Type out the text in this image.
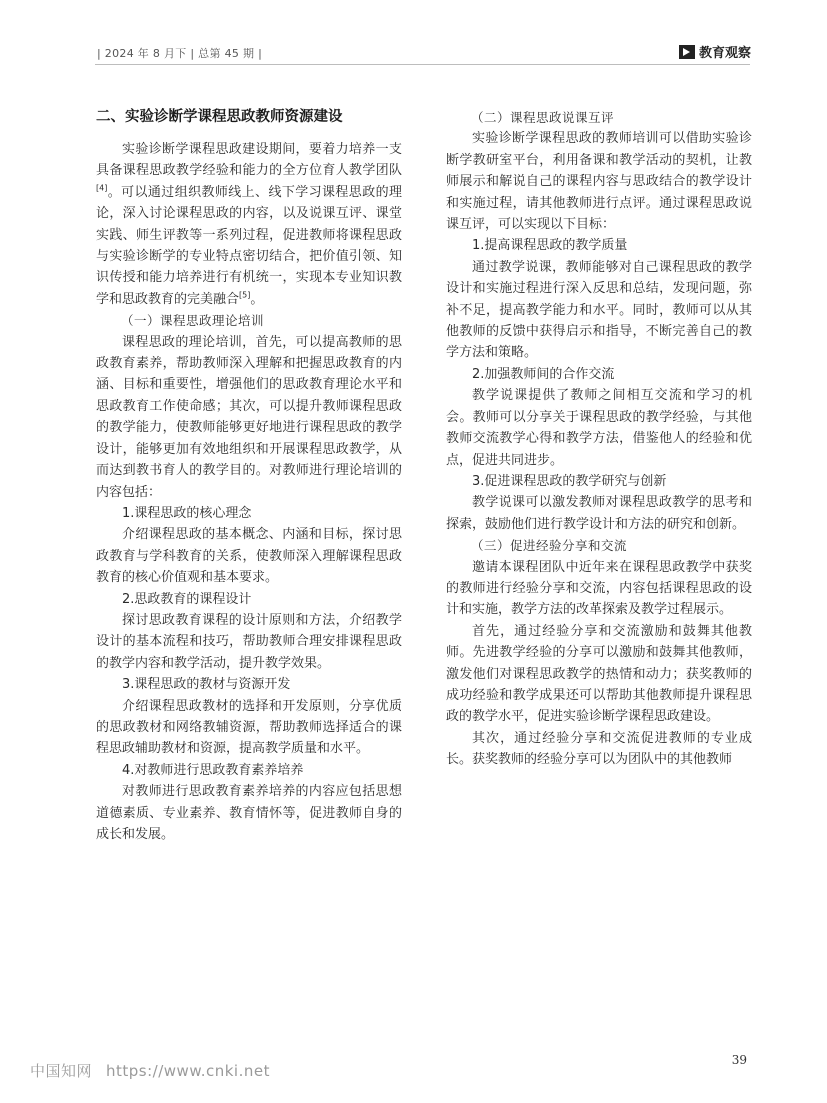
| 2024 年 8 月下 | 总第 45 期 |	教育观察

二、实验诊断学课程思政教师资源建设

实验诊断学课程思政建设期间，要着力培养一支具备课程思政教学经验和能力的全方位育人教学团队[4]。可以通过组织教师线上、线下学习课程思政的理论，深入讨论课程思政的内容，以及说课互评、课堂实践、师生评教等一系列过程，促进教师将课程思政与实验诊断学的专业特点密切结合，把价值引领、知识传授和能力培养进行有机统一，实现本专业知识教学和思政教育的完美融合[5]。

（一）课程思政理论培训

课程思政的理论培训，首先，可以提高教师的思政教育素养，帮助教师深入理解和把握思政教育的内涵、目标和重要性，增强他们的思政教育理论水平和思政教育工作使命感；其次，可以提升教师课程思政的教学能力，使教师能够更好地进行课程思政的教学设计，能够更加有效地组织和开展课程思政教学，从而达到教书育人的教学目的。对教师进行理论培训的内容包括：

1.课程思政的核心理念

介绍课程思政的基本概念、内涵和目标，探讨思政教育与学科教育的关系，使教师深入理解课程思政教育的核心价值观和基本要求。

2.思政教育的课程设计

探讨思政教育课程的设计原则和方法，介绍教学设计的基本流程和技巧，帮助教师合理安排课程思政的教学内容和教学活动，提升教学效果。

3.课程思政的教材与资源开发

介绍课程思政教材的选择和开发原则，分享优质的思政教材和网络教辅资源，帮助教师选择适合的课程思政辅助教材和资源，提高教学质量和水平。

4.对教师进行思政教育素养培养

对教师进行思政教育素养培养的内容应包括思想道德素质、专业素养、教育情怀等，促进教师自身的成长和发展。

（二）课程思政说课互评

实验诊断学课程思政的教师培训可以借助实验诊断学教研室平台，利用备课和教学活动的契机，让教师展示和解说自己的课程内容与思政结合的教学设计和实施过程，请其他教师进行点评。通过课程思政说课互评，可以实现以下目标：

1.提高课程思政的教学质量

通过教学说课，教师能够对自己课程思政的教学设计和实施过程进行深入反思和总结，发现问题，弥补不足，提高教学能力和水平。同时，教师可以从其他教师的反馈中获得启示和指导，不断完善自己的教学方法和策略。

2.加强教师间的合作交流

教学说课提供了教师之间相互交流和学习的机会。教师可以分享关于课程思政的教学经验，与其他教师交流教学心得和教学方法，借鉴他人的经验和优点，促进共同进步。

3.促进课程思政的教学研究与创新

教学说课可以激发教师对课程思政教学的思考和探索，鼓励他们进行教学设计和方法的研究和创新。

（三）促进经验分享和交流

邀请本课程团队中近年来在课程思政教学中获奖的教师进行经验分享和交流，内容包括课程思政的设计和实施，教学方法的改革探索及教学过程展示。

首先，通过经验分享和交流激励和鼓舞其他教师。先进教学经验的分享可以激励和鼓舞其他教师，激发他们对课程思政教学的热情和动力；获奖教师的成功经验和教学成果还可以帮助其他教师提升课程思政的教学水平，促进实验诊断学课程思政建设。

其次，通过经验分享和交流促进教师的专业成长。获奖教师的经验分享可以为团队中的其他教师

中国知网 https://www.cnki.net
39
